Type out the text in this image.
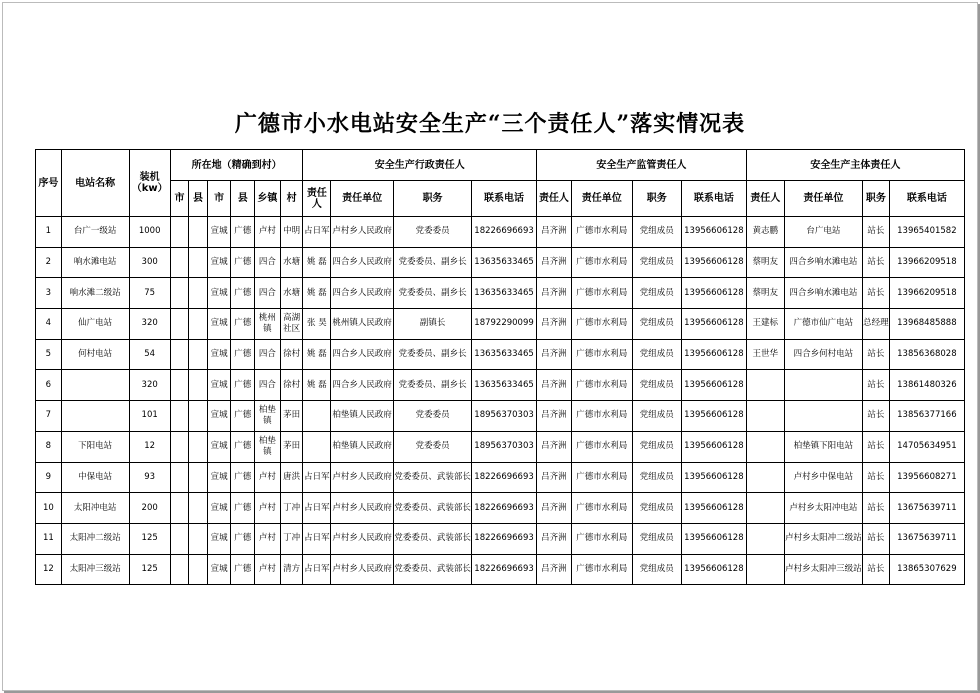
广德市小水电站安全生产“三个责任人”落实情况表
序号	电站名称	装机（kw）	所在地（精确到村）						安全生产行政责任人				安全生产监管责任人				安全生产主体责任人			
			市	县	市	县	乡镇	村	责任人	责任单位	职务	联系电话	责任人	责任单位	职务	联系电话	责任人	责任单位	职务	联系电话
1	台广一级站	1000			宣城	广德	卢村	中明	占日军	卢村乡人民政府	党委委员	18226696693	吕齐洲	广德市水利局	党组成员	13956606128	黄志鹏	台广电站	站长	13965401582
2	响水滩电站	300			宣城	广德	四合	水塘	姚 磊	四合乡人民政府	党委委员、副乡长	13635633465	吕齐洲	广德市水利局	党组成员	13956606128	蔡明友	四合乡响水滩电站	站长	13966209518
3	响水滩二级站	75			宣城	广德	四合	水塘	姚 磊	四合乡人民政府	党委委员、副乡长	13635633465	吕齐洲	广德市水利局	党组成员	13956606128	蔡明友	四合乡响水滩电站	站长	13966209518
4	仙广电站	320			宣城	广德	桃州镇	高湖社区	张 昊	桃州镇人民政府	副镇长	18792290099	吕齐洲	广德市水利局	党组成员	13956606128	王建标	广德市仙广电站	总经理	13968485888
5	何村电站	54			宣城	广德	四合	徐村	姚 磊	四合乡人民政府	党委委员、副乡长	13635633465	吕齐洲	广德市水利局	党组成员	13956606128	王世华	四合乡何村电站	站长	13856368028
6		320			宣城	广德	四合	徐村	姚 磊	四合乡人民政府	党委委员、副乡长	13635633465	吕齐洲	广德市水利局	党组成员	13956606128			站长	13861480326
7		101			宣城	广德	柏垫镇	茅田		柏垫镇人民政府	党委委员	18956370303	吕齐洲	广德市水利局	党组成员	13956606128			站长	13856377166
8	下阳电站	12			宣城	广德	柏垫镇	茅田		柏垫镇人民政府	党委委员	18956370303	吕齐洲	广德市水利局	党组成员	13956606128		柏垫镇下阳电站	站长	14705634951
9	中保电站	93			宣城	广德	卢村	唐洪	占日军	卢村乡人民政府	党委委员、武装部长	18226696693	吕齐洲	广德市水利局	党组成员	13956606128		卢村乡中保电站	站长	13956608271
10	太阳冲电站	200			宣城	广德	卢村	丁冲	占日军	卢村乡人民政府	党委委员、武装部长	18226696693	吕齐洲	广德市水利局	党组成员	13956606128		卢村乡太阳冲电站	站长	13675639711
11	太阳冲二级站	125			宣城	广德	卢村	丁冲	占日军	卢村乡人民政府	党委委员、武装部长	18226696693	吕齐洲	广德市水利局	党组成员	13956606128		卢村乡太阳冲二级站	站长	13675639711
12	太阳冲三级站	125			宣城	广德	卢村	清方	占日军	卢村乡人民政府	党委委员、武装部长	18226696693	吕齐洲	广德市水利局	党组成员	13956606128		卢村乡太阳冲三级站	站长	13865307629
